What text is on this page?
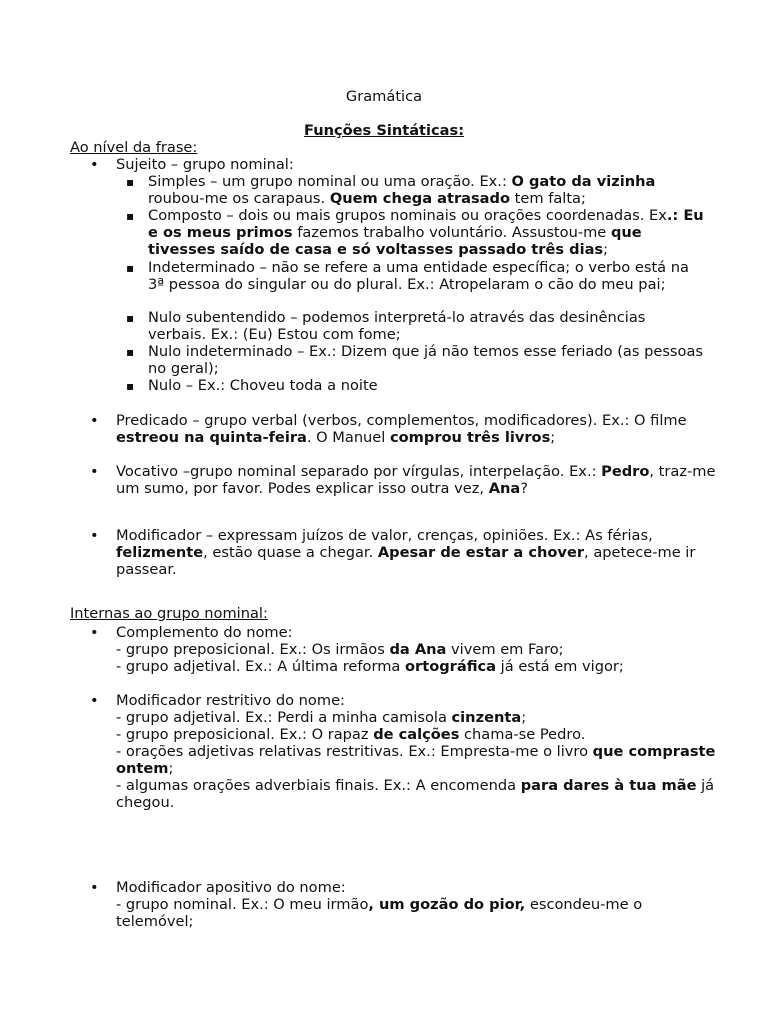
Gramática
Funções Sintáticas:
Ao nível da frase:
• Sujeito – grupo nominal:
▪ Simples – um grupo nominal ou uma oração. Ex.: O gato da vizinha roubou-me os carapaus. Quem chega atrasado tem falta;
▪ Composto – dois ou mais grupos nominais ou orações coordenadas. Ex.: Eu e os meus primos fazemos trabalho voluntário. Assustou-me que tivesses saído de casa e só voltasses passado três dias;
▪ Indeterminado – não se refere a uma entidade específica; o verbo está na 3ª pessoa do singular ou do plural. Ex.: Atropelaram o cão do meu pai;
▪ Nulo subentendido – podemos interpretá-lo através das desinências verbais. Ex.: (Eu) Estou com fome;
▪ Nulo indeterminado – Ex.: Dizem que já não temos esse feriado (as pessoas no geral);
▪ Nulo – Ex.: Choveu toda a noite
• Predicado – grupo verbal (verbos, complementos, modificadores). Ex.: O filme estreou na quinta-feira. O Manuel comprou três livros;
• Vocativo –grupo nominal separado por vírgulas, interpelação. Ex.: Pedro, traz-me um sumo, por favor. Podes explicar isso outra vez, Ana?
• Modificador – expressam juízos de valor, crenças, opiniões. Ex.: As férias, felizmente, estão quase a chegar. Apesar de estar a chover, apetece-me ir passear.
Internas ao grupo nominal:
• Complemento do nome:

- grupo preposicional. Ex.: Os irmãos da Ana vivem em Faro;

- grupo adjetival. Ex.: A última reforma ortográfica já está em vigor;

• Modificador restritivo do nome:

- grupo adjetival. Ex.: Perdi a minha camisola cinzenta;

- grupo preposicional. Ex.: O rapaz de calções chama-se Pedro.

- orações adjetivas relativas restritivas. Ex.: Empresta-me o livro que compraste ontem;

- algumas orações adverbiais finais. Ex.: A encomenda para dares à tua mãe já chegou.

• Modificador apositivo do nome:

- grupo nominal. Ex.: O meu irmão, um gozão do pior, escondeu-me o telemóvel;
